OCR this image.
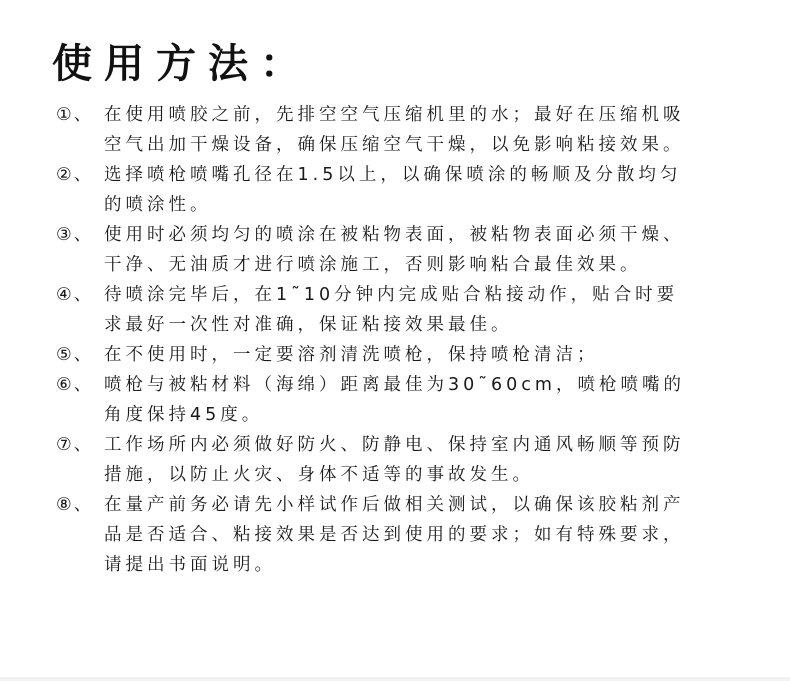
使用方法：
①、 在使用喷胶之前，先排空空气压缩机里的水；最好在压缩机吸
空气出加干燥设备，确保压缩空气干燥，以免影响粘接效果。
②、 选择喷枪喷嘴孔径在1.5以上，以确保喷涂的畅顺及分散均匀
的喷涂性。
③、 使用时必须均匀的喷涂在被粘物表面，被粘物表面必须干燥、
干净、无油质才进行喷涂施工，否则影响粘合最佳效果。
④、 待喷涂完毕后，在1˜10分钟内完成贴合粘接动作，贴合时要
求最好一次性对准确，保证粘接效果最佳。
⑤、 在不使用时，一定要溶剂清洗喷枪，保持喷枪清洁；
⑥、 喷枪与被粘材料（海绵）距离最佳为30˜60cm，喷枪喷嘴的
角度保持45度。
⑦、 工作场所内必须做好防火、防静电、保持室内通风畅顺等预防
措施，以防止火灾、身体不适等的事故发生。
⑧、 在量产前务必请先小样试作后做相关测试，以确保该胶粘剂产
品是否适合、粘接效果是否达到使用的要求；如有特殊要求，
请提出书面说明。
